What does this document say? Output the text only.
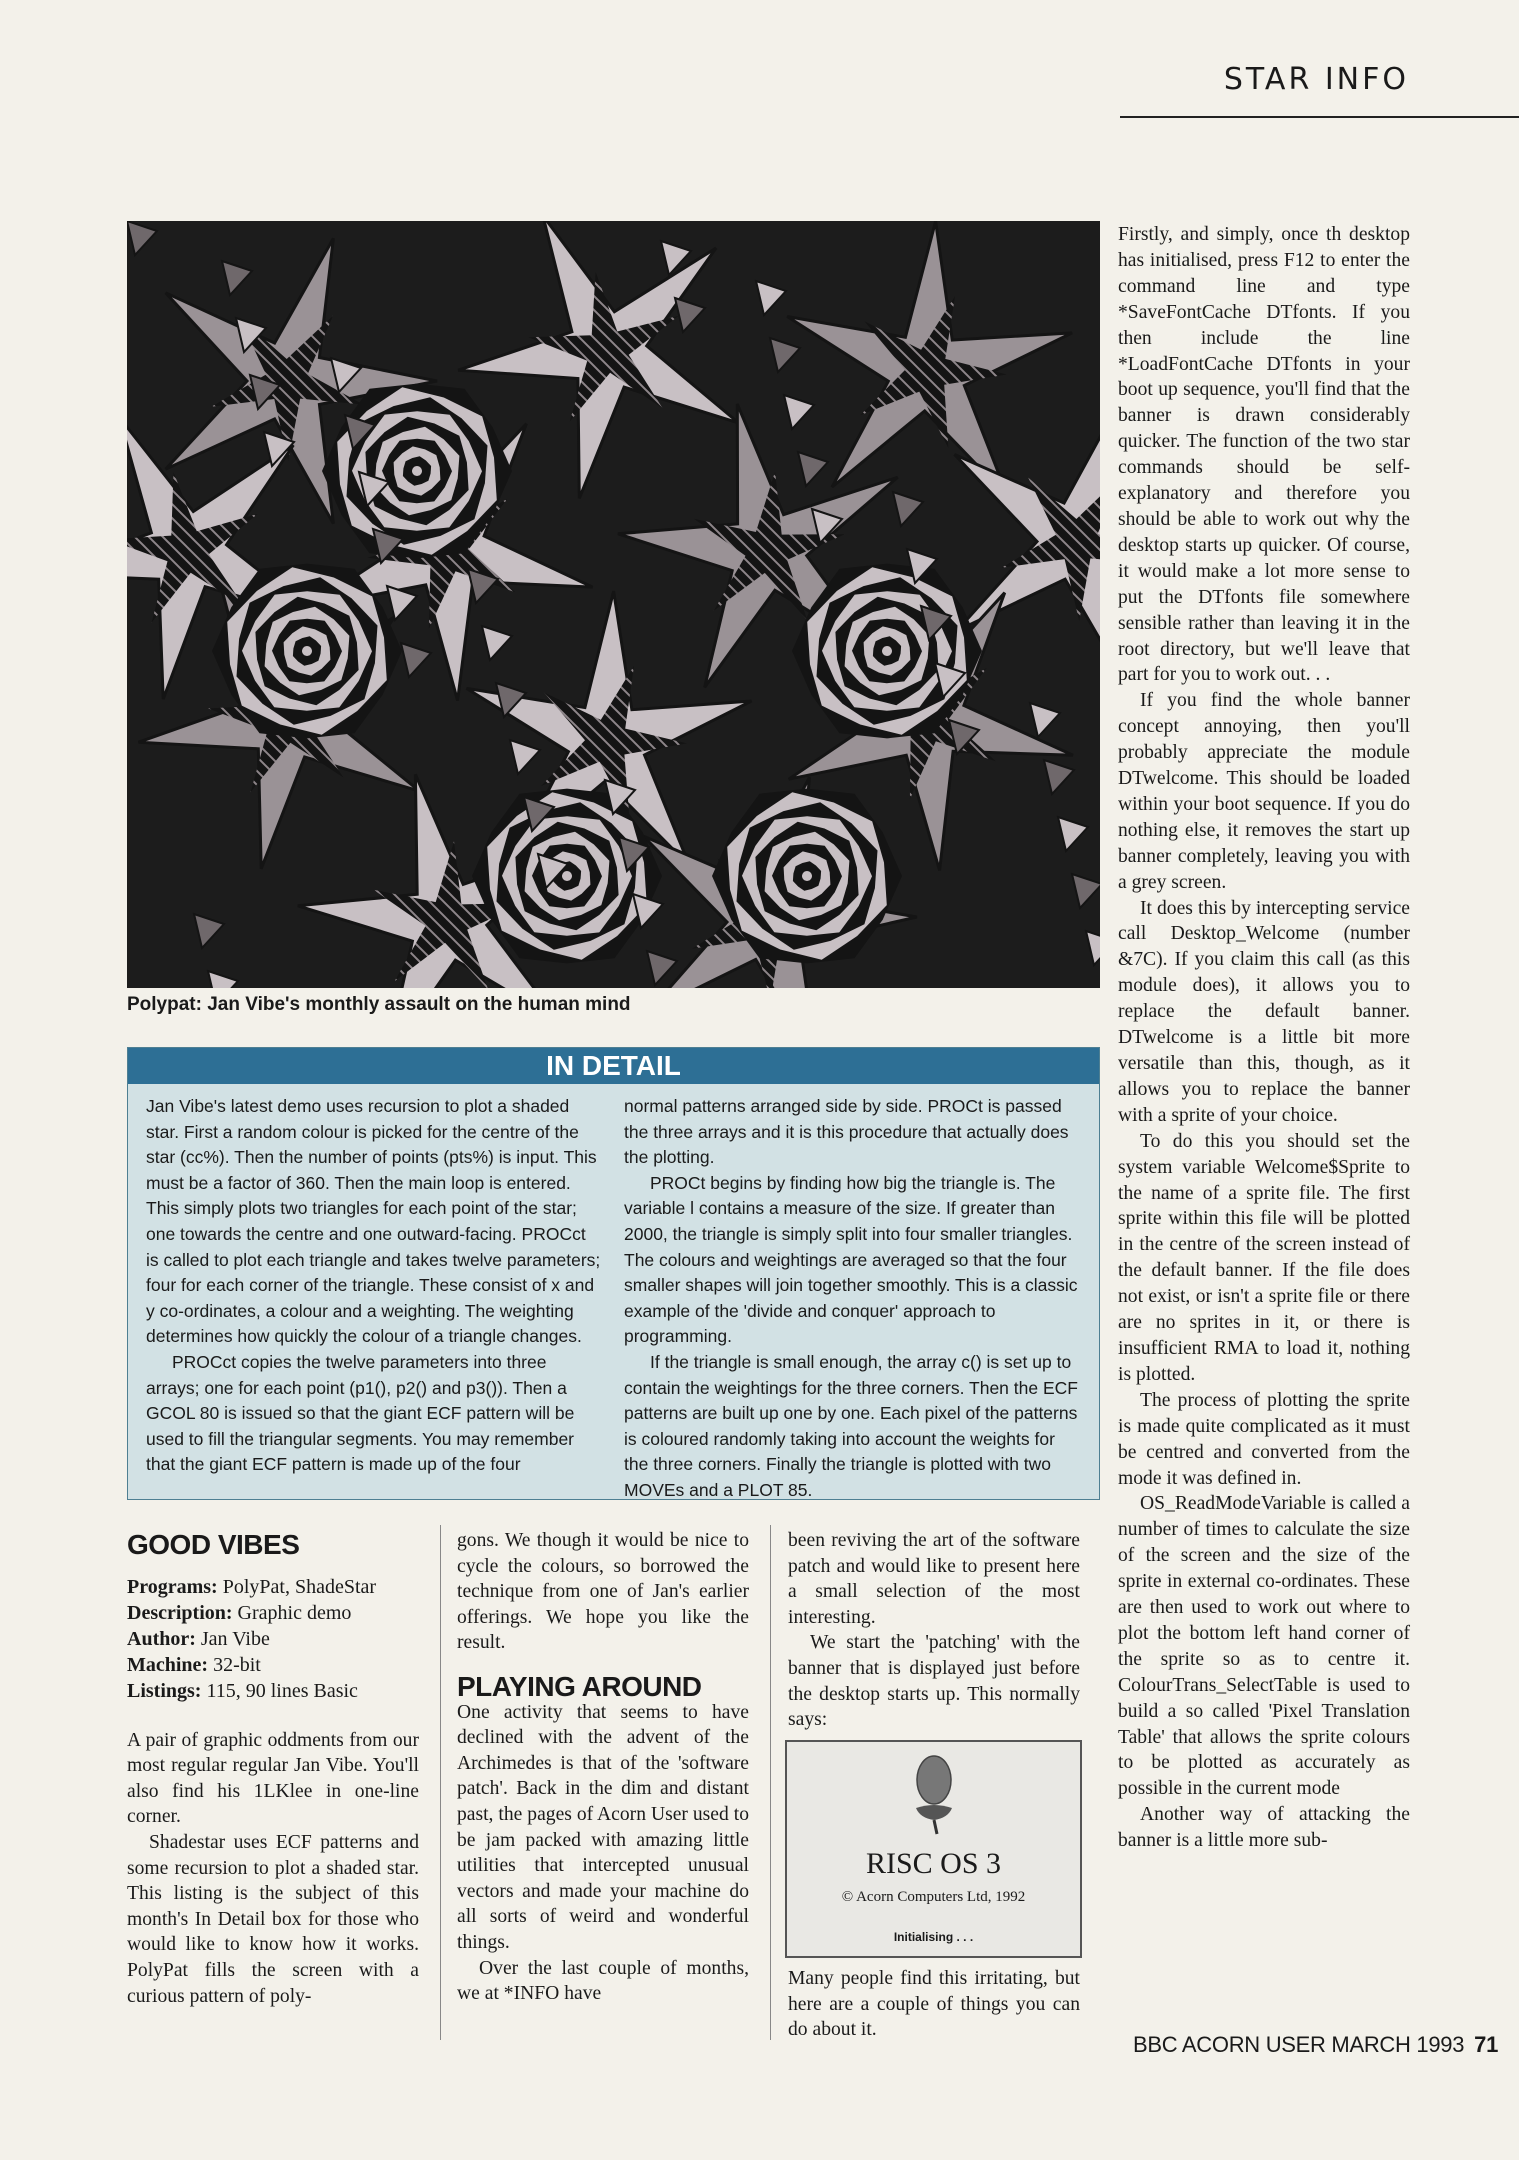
STAR INFO
Polypat: Jan Vibe's monthly assault on the human mind
IN DETAIL

Jan Vibe's latest demo uses recursion to plot a shaded star. First a random colour is picked for the centre of the star (cc%). Then the number of points (pts%) is input. This must be a factor of 360. Then the main loop is entered. This simply plots two triangles for each point of the star; one towards the centre and one outward-facing. PROCct is called to plot each triangle and takes twelve parameters; four for each corner of the triangle. These consist of x and y co-ordinates, a colour and a weighting. The weighting determines how quickly the colour of a triangle changes.

PROCct copies the twelve parameters into three arrays; one for each point (p1(), p2() and p3()). Then a GCOL 80 is issued so that the giant ECF pattern will be used to fill the triangular segments. You may remember that the giant ECF pattern is made up of the four

normal patterns arranged side by side. PROCt is passed the three arrays and it is this procedure that actually does the plotting.

PROCt begins by finding how big the triangle is. The variable l contains a measure of the size. If greater than 2000, the triangle is simply split into four smaller triangles. The colours and weightings are averaged so that the four smaller shapes will join together smoothly. This is a classic example of the 'divide and conquer' approach to programming.

If the triangle is small enough, the array c() is set up to contain the weightings for the three corners. Then the ECF patterns are built up one by one. Each pixel of the patterns is coloured randomly taking into account the weights for the three corners. Finally the triangle is plotted with two MOVEs and a PLOT 85.

GOOD VIBES
Programs: PolyPat, ShadeStar
Description: Graphic demo
Author: Jan Vibe
Machine: 32-bit
Listings: 115, 90 lines Basic

A pair of graphic oddments from our most regular regular Jan Vibe. You'll also find his 1LKlee in one-line corner.

Shadestar uses ECF patterns and some recursion to plot a shaded star. This listing is the subject of this month's In Detail box for those who would like to know how it works. PolyPat fills the screen with a curious pattern of poly-

gons. We though it would be nice to cycle the colours, so borrowed the technique from one of Jan's earlier offerings. We hope you like the result.

PLAYING AROUND

One activity that seems to have declined with the advent of the Archimedes is that of the 'software patch'. Back in the dim and distant past, the pages of Acorn User used to be jam packed with amazing little utilities that intercepted unusual vectors and made your machine do all sorts of weird and wonderful things.

Over the last couple of months, we at *INFO have

been reviving the art of the software patch and would like to present here a small selection of the most interesting.

We start the 'patching' with the banner that is displayed just before the desktop starts up. This normally says:

RISC OS 3
© Acorn Computers Ltd, 1992
Initialising . . .

Many people find this irritating, but here are a couple of things you can do about it.

Firstly, and simply, once th desktop has initialised, press F12 to enter the command line and type *SaveFontCache DTfonts. If you then include the line *LoadFontCache DTfonts in your boot up sequence, you'll find that the banner is drawn considerably quicker. The function of the two star commands should be self-explanatory and therefore you should be able to work out why the desktop starts up quicker. Of course, it would make a lot more sense to put the DTfonts file somewhere sensible rather than leaving it in the root directory, but we'll leave that part for you to work out. . .

If you find the whole banner concept annoying, then you'll probably appreciate the module DTwelcome. This should be loaded within your boot sequence. If you do nothing else, it removes the start up banner completely, leaving you with a grey screen.

It does this by intercepting service call Desktop_Welcome (number &7C). If you claim this call (as this module does), it allows you to replace the default banner. DTwelcome is a little bit more versatile than this, though, as it allows you to replace the banner with a sprite of your choice.

To do this you should set the system variable Welcome$Sprite to the name of a sprite file. The first sprite within this file will be plotted in the centre of the screen instead of the default banner. If the file does not exist, or isn't a sprite file or there are no sprites in it, or there is insufficient RMA to load it, nothing is plotted.

The process of plotting the sprite is made quite complicated as it must be centred and converted from the mode it was defined in.

OS_ReadModeVariable is called a number of times to calculate the size of the screen and the size of the sprite in external co-ordinates. These are then used to work out where to plot the bottom left hand corner of the sprite so as to centre it. ColourTrans_SelectTable is used to build a so called 'Pixel Translation Table' that allows the sprite colours to be plotted as accurately as possible in the current mode

Another way of attacking the banner is a little more sub-

BBC ACORN USER MARCH 1993 71
